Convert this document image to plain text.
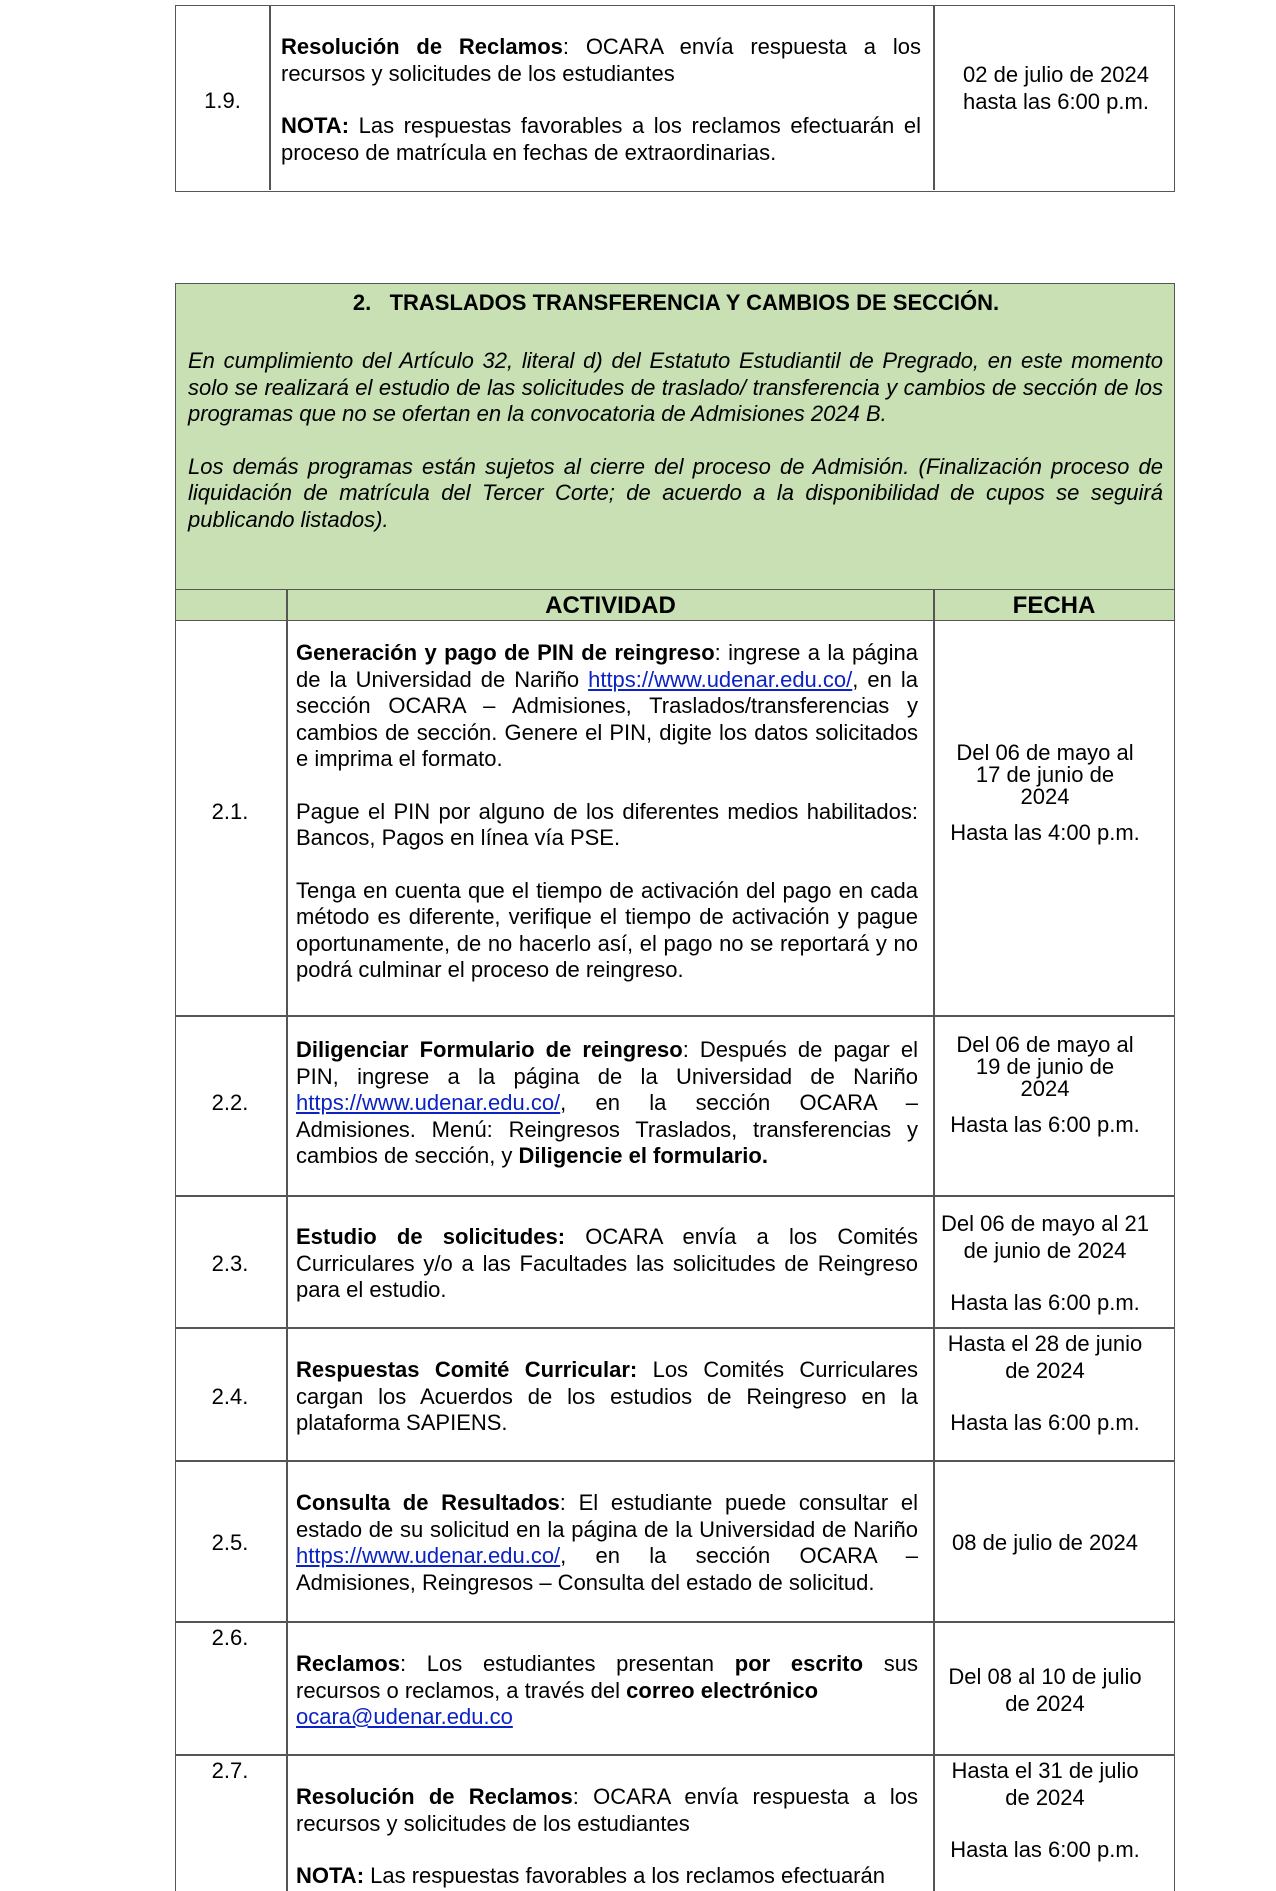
1.9.

Resolución de Reclamos: OCARA envía respuesta a los recursos y solicitudes de los estudiantes

NOTA: Las respuestas favorables a los reclamos efectuarán el proceso de matrícula en fechas de extraordinarias.

02 de julio de 2024 hasta las 6:00 p.m.
2. TRASLADOS TRANSFERENCIA Y CAMBIOS DE SECCIÓN.

En cumplimiento del Artículo 32, literal d) del Estatuto Estudiantil de Pregrado, en este momento solo se realizará el estudio de las solicitudes de traslado/ transferencia y cambios de sección de los programas que no se ofertan en la convocatoria de Admisiones 2024 B.

Los demás programas están sujetos al cierre del proceso de Admisión. (Finalización proceso de liquidación de matrícula del Tercer Corte; de acuerdo a la disponibilidad de cupos se seguirá publicando listados).

ACTIVIDAD	FECHA
2.1.

Generación y pago de PIN de reingreso: ingrese a la página de la Universidad de Nariño https://www.udenar.edu.co/, en la sección OCARA – Admisiones, Traslados/transferencias y cambios de sección. Genere el PIN, digite los datos solicitados e imprima el formato.

Pague el PIN por alguno de los diferentes medios habilitados: Bancos, Pagos en línea vía PSE.

Tenga en cuenta que el tiempo de activación del pago en cada método es diferente, verifique el tiempo de activación y pague oportunamente, de no hacerlo así, el pago no se reportará y no podrá culminar el proceso de reingreso.

Del 06 de mayo al 17 de junio de 2024

Hasta las 4:00 p.m.

2.2.

Diligenciar Formulario de reingreso: Después de pagar el PIN, ingrese a la página de la Universidad de Nariño https://www.udenar.edu.co/, en la sección OCARA – Admisiones. Menú: Reingresos Traslados, transferencias y cambios de sección, y Diligencie el formulario.

Del 06 de mayo al 19 de junio de 2024

Hasta las 6:00 p.m.

2.3.

Estudio de solicitudes: OCARA envía a los Comités Curriculares y/o a las Facultades las solicitudes de Reingreso para el estudio.

Del 06 de mayo al 21 de junio de 2024

Hasta las 6:00 p.m.

2.4.

Respuestas Comité Curricular: Los Comités Curriculares cargan los Acuerdos de los estudios de Reingreso en la plataforma SAPIENS.

Hasta el 28 de junio de 2024

Hasta las 6:00 p.m.

2.5.

Consulta de Resultados: El estudiante puede consultar el estado de su solicitud en la página de la Universidad de Nariño https://www.udenar.edu.co/, en la sección OCARA – Admisiones, Reingresos – Consulta del estado de solicitud.

08 de julio de 2024
2.6.

Reclamos: Los estudiantes presentan por escrito sus recursos o reclamos, a través del correo electrónico
ocara@udenar.edu.co

Del 08 al 10 de julio de 2024
2.7.

Resolución de Reclamos: OCARA envía respuesta a los recursos y solicitudes de los estudiantes

NOTA: Las respuestas favorables a los reclamos efectuarán

Hasta el 31 de julio de 2024

Hasta las 6:00 p.m.
